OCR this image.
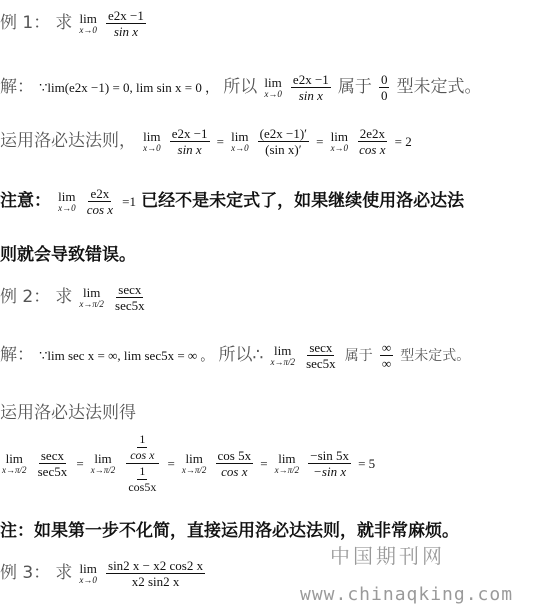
例 1： 求 lim
x→0
$\frac{e2x -1}{\text{sin x}}$
解： ∵lim(e2x −1) = 0, lim sin x = 0 ， 所以 lim
x→0
$\frac{e2x -1}{\text{sin x}}$ 属于 $\frac{0}{0}$ 型未定式。
运用洛必达法则， lim
x→0
$\frac{e2x -1}{\text{sin x}} = \lim$
x→0
$\frac{(e2x -1)'}{\text{(sin x)′}} = \lim$
x→0
$\frac{2e2x}{\text{cos x}} = 2$
注意： lim
x→0
$\frac{e2x}{\text{cos x}} =1$ 已经不是未定式了，如果继续使用洛必达法
则就会导致错误。
例 2： 求 lim
x→π/2
$\frac{\sec x}{\sec 5x}$
解： ∵lim sec x = ∞, lim sec5x = ∞ 。 所以∴ lim
x→π/2
$\frac{\sec x}{\sec 5x}$ 属于 $\frac{\infty}{\infty}$ 型未定式。
运用洛必达法则得
lim
x→π/2
$\frac{\sec x}{\sec 5x} = \lim$
x→π/2
$\frac{\frac{1}{\text{cos x}}}{\frac{1}{\cos 5x}} = \lim$
x→π/2
$\frac{\cos 5x}{\text{cos x}} = \lim$
x→π/2
$\frac{-\sin 5x}{\text{−sin x}} = 5$
注：如果第一步不化简，直接运用洛必达法则，就非常麻烦。
中国期刊网
例 3： 求 lim
x→0
$\frac{\sin 2 x - x2 \cos 2 x}{x2 \sin 2 x}$
www.chinaqking.com
